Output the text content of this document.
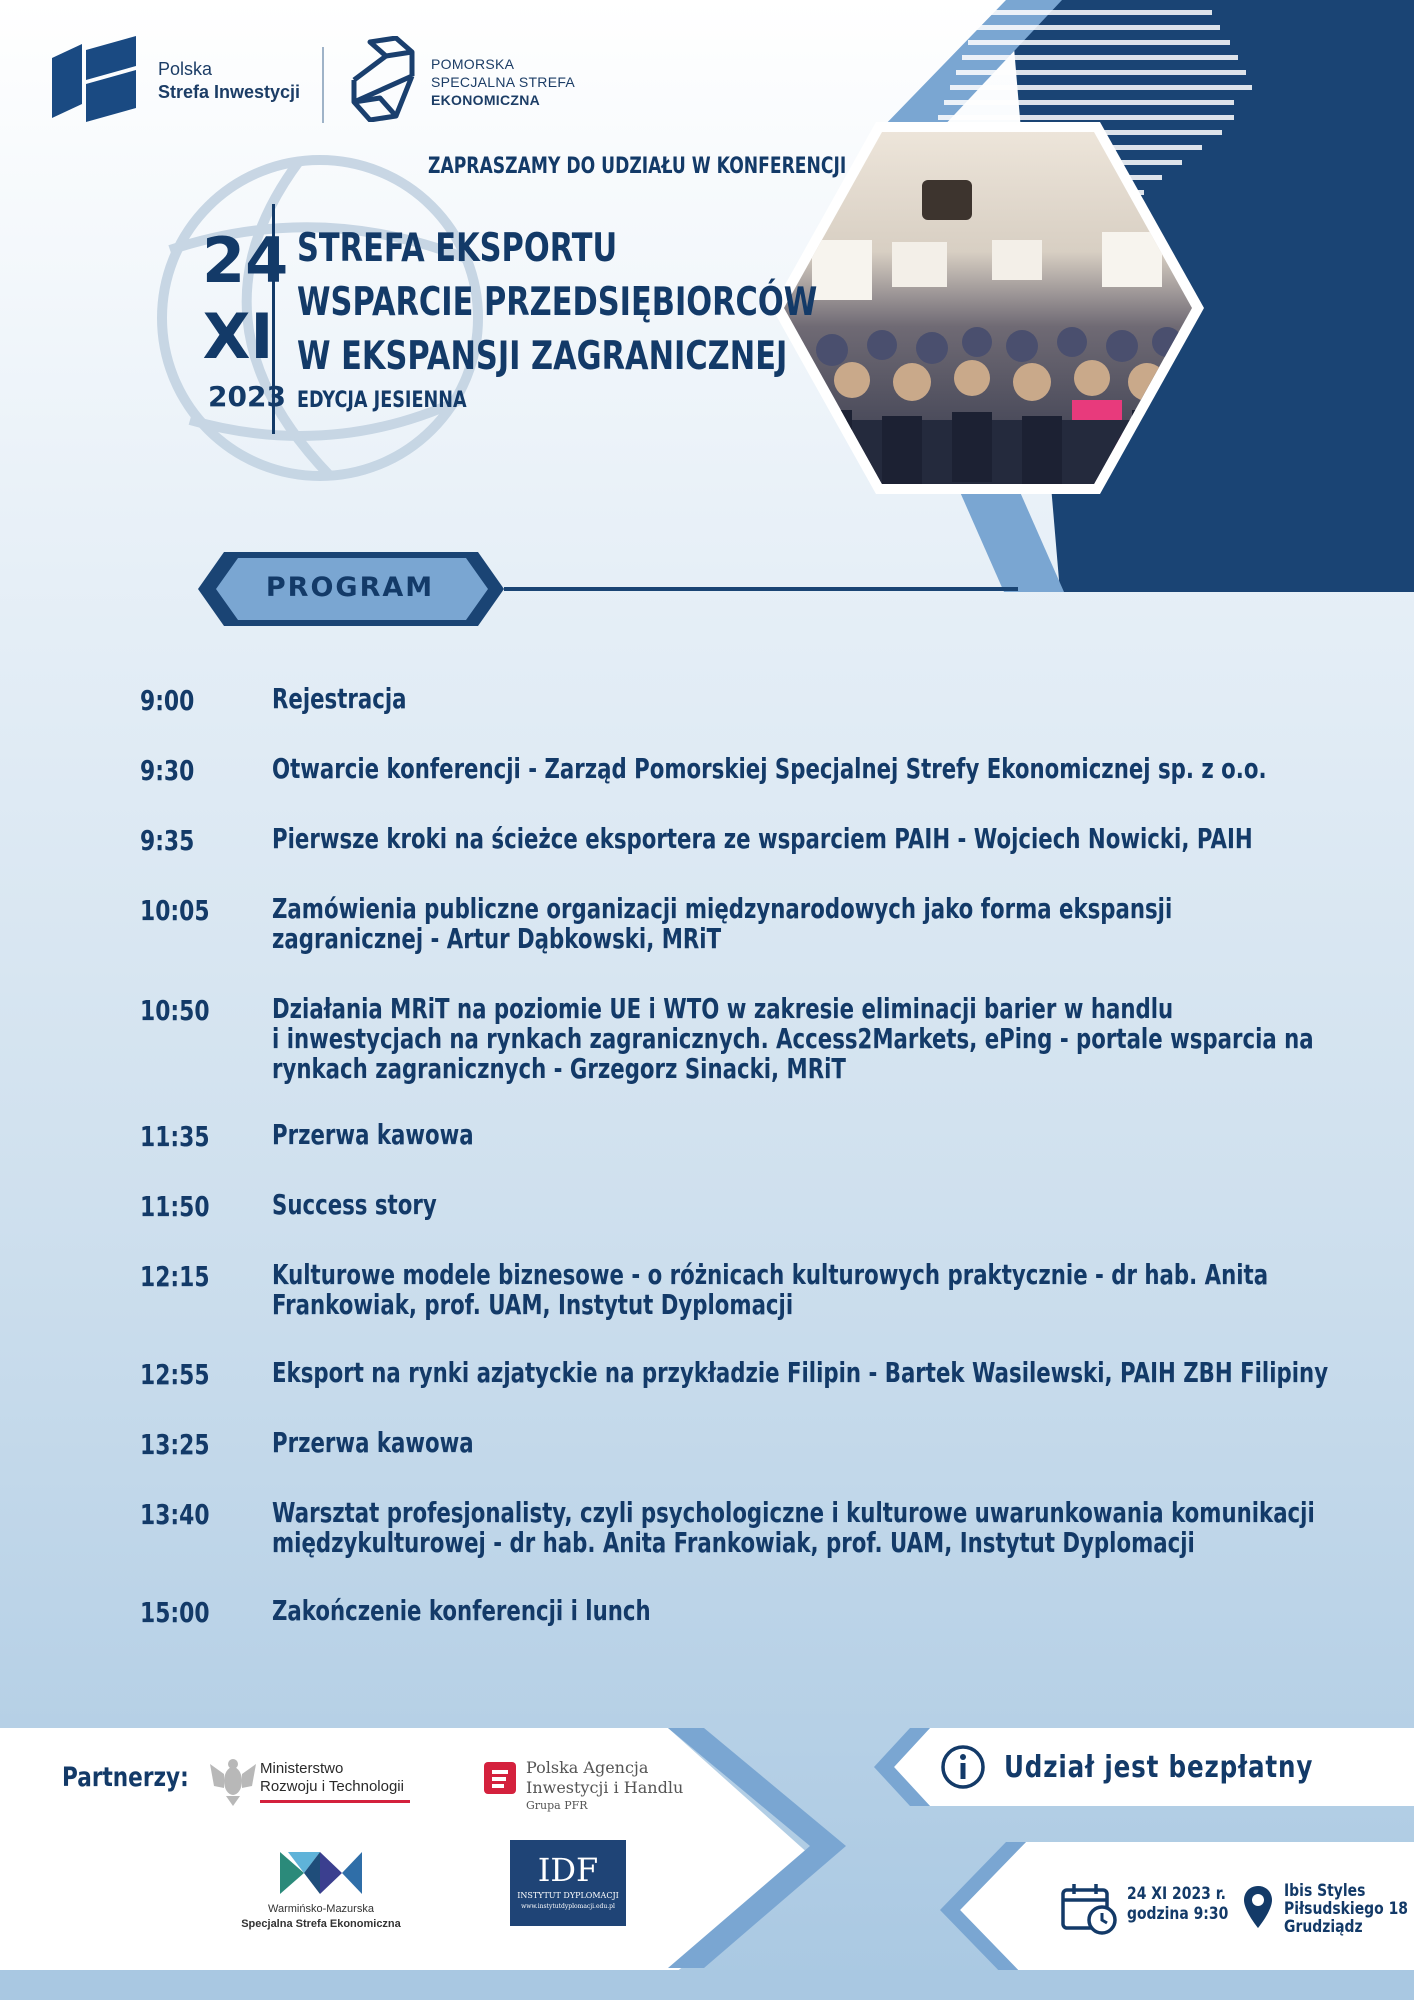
Polska
Strefa Inwestycji
POMORSKA
SPECJALNA STREFA
EKONOMICZNA
ZAPRASZAMY DO UDZIAŁU W KONFERENCJI
24
XI
2023
STREFA EKSPORTU
WSPARCIE PRZEDSIĘBIORCÓW
W EKSPANSJI ZAGRANICZNEJ
EDYCJA JESIENNA
PROGRAM
9:00	Rejestracja
9:30	Otwarcie konferencji - Zarząd Pomorskiej Specjalnej Strefy Ekonomicznej sp. z o.o.
9:35	Pierwsze kroki na ścieżce eksportera ze wsparciem PAIH - Wojciech Nowicki, PAIH
10:05 Zamówienia publiczne organizacji międzynarodowych jako forma ekspansji
zagranicznej - Artur Dąbkowski, MRiT
10:50 Działania MRiT na poziomie UE i WTO w zakresie eliminacji barier w handlu
i inwestycjach na rynkach zagranicznych. Access2Markets, ePing - portale wsparcia na
rynkach zagranicznych - Grzegorz Sinacki, MRiT
11:35 Przerwa kawowa
11:50 Success story
12:15 Kulturowe modele biznesowe - o różnicach kulturowych praktycznie - dr hab. Anita
Frankowiak, prof. UAM, Instytut Dyplomacji
12:55 Eksport na rynki azjatyckie na przykładzie Filipin - Bartek Wasilewski, PAIH ZBH Filipiny
13:25 Przerwa kawowa
13:40 Warsztat profesjonalisty, czyli psychologiczne i kulturowe uwarunkowania komunikacji
międzykulturowej - dr hab. Anita Frankowiak, prof. UAM, Instytut Dyplomacji
15:00 Zakończenie konferencji i lunch
Partnerzy:	Ministerstwo
Rozwoju i Technologii
Polska Agencja
Inwestycji i Handlu
Grupa PFR
Warmińsko-Mazurska
Specjalna Strefa Ekonomiczna
IDF
INSTYTUT DYPLOMACJI
www.instytutdyplomacji.edu.pl
Udział jest bezpłatny
24 XI 2023 r.
godzina 9:30
Ibis Styles
Piłsudskiego 18
Grudziądz
